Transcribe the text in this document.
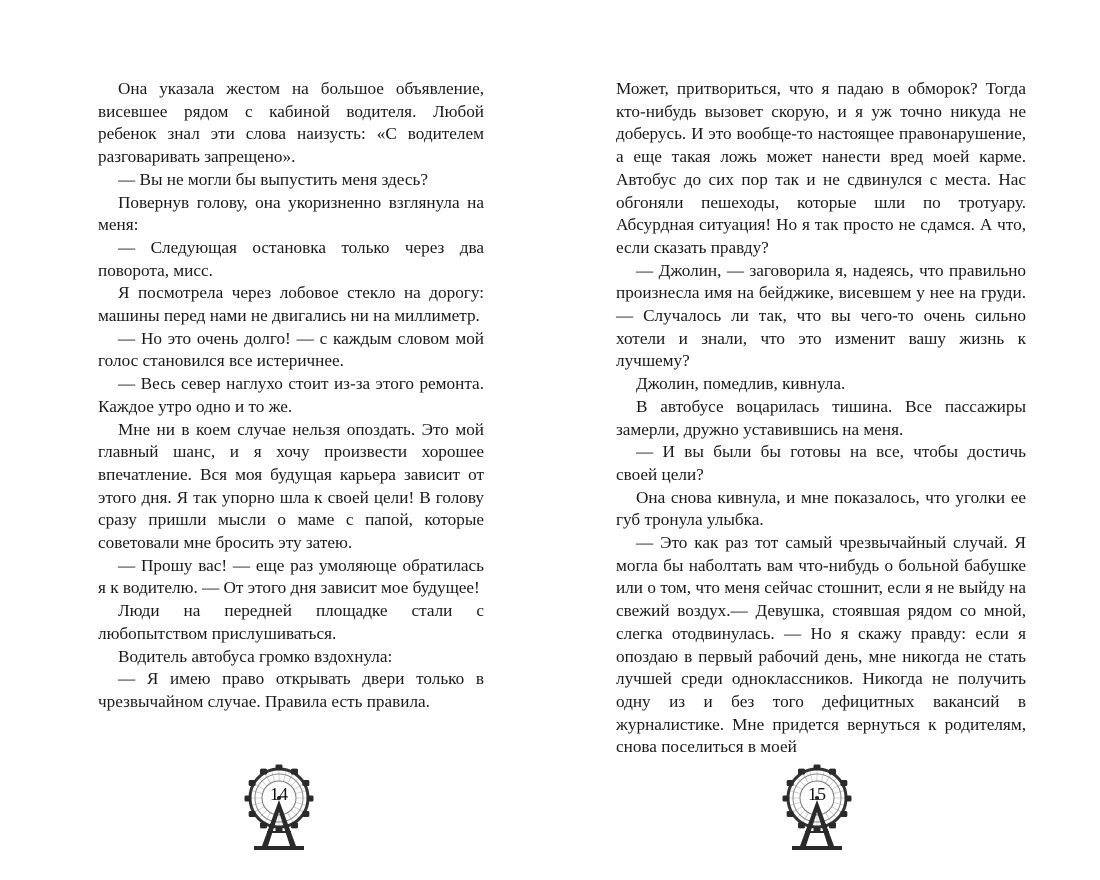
Она указала жестом на большое объявление, висевшее рядом с кабиной водителя. Любой ребенок знал эти слова наизусть: «С водителем разговаривать запрещено».

— Вы не могли бы выпустить меня здесь?

Повернув голову, она укоризненно взглянула на меня:

— Следующая остановка только через два поворота, мисс.

Я посмотрела через лобовое стекло на дорогу: машины перед нами не двигались ни на миллиметр.

— Но это очень долго! — с каждым словом мой голос становился все истеричнее.

— Весь север наглухо стоит из-за этого ремонта. Каждое утро одно и то же.

Мне ни в коем случае нельзя опоздать. Это мой главный шанс, и я хочу произвести хорошее впечатление. Вся моя будущая карьера зависит от этого дня. Я так упорно шла к своей цели! В голову сразу пришли мысли о маме с папой, которые советовали мне бросить эту затею.

— Прошу вас! — еще раз умоляюще обратилась я к водителю. — От этого дня зависит мое будущее!

Люди на передней площадке стали с любопытством прислушиваться.

Водитель автобуса громко вздохнула:

— Я имею право открывать двери только в чрезвычайном случае. Правила есть правила.

14

Может, притвориться, что я падаю в обморок? Тогда кто-нибудь вызовет скорую, и я уж точно никуда не доберусь. И это вообще-то настоящее правонарушение, а еще такая ложь может нанести вред моей карме. Автобус до сих пор так и не сдвинулся с места. Нас обгоняли пешеходы, которые шли по тротуару. Абсурдная ситуация! Но я так просто не сдамся. А что, если сказать правду?

— Джолин, — заговорила я, надеясь, что правильно произнесла имя на бейджике, висевшем у нее на груди. — Случалось ли так, что вы чего-то очень сильно хотели и знали, что это изменит вашу жизнь к лучшему?

Джолин, помедлив, кивнула.

В автобусе воцарилась тишина. Все пассажиры замерли, дружно уставившись на меня.

— И вы были бы готовы на все, чтобы достичь своей цели?

Она снова кивнула, и мне показалось, что уголки ее губ тронула улыбка.

— Это как раз тот самый чрезвычайный случай. Я могла бы наболтать вам что-нибудь о больной бабушке или о том, что меня сейчас стошнит, если я не выйду на свежий воздух.— Девушка, стоявшая рядом со мной, слегка отодвинулась. — Но я скажу правду: если я опоздаю в первый рабочий день, мне никогда не стать лучшей среди одноклассников. Никогда не получить одну из и без того дефицитных вакансий в журналистике. Мне придется вернуться к родителям, снова поселиться в моей

15
